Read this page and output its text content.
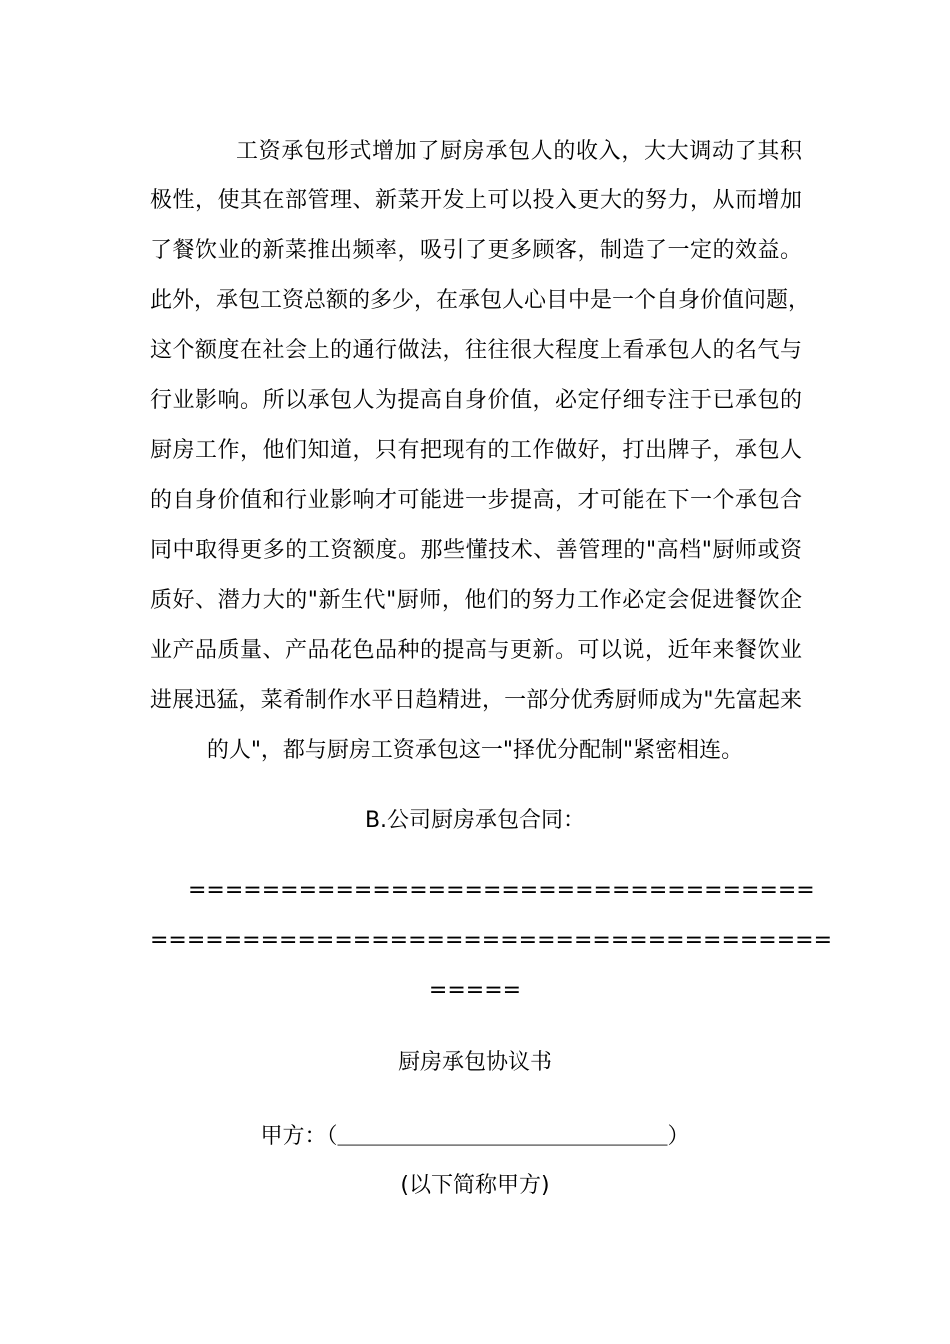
工资承包形式增加了厨房承包人的收入，大大调动了其积
极性，使其在部管理、新菜开发上可以投入更大的努力，从而增加
了餐饮业的新菜推出频率，吸引了更多顾客，制造了一定的效益。
此外，承包工资总额的多少，在承包人心目中是一个自身价值问题，
这个额度在社会上的通行做法，往往很大程度上看承包人的名气与
行业影响。所以承包人为提高自身价值，必定仔细专注于已承包的
厨房工作，他们知道，只有把现有的工作做好，打出牌子，承包人
的自身价值和行业影响才可能进一步提高，才可能在下一个承包合
同中取得更多的工资额度。那些懂技术、善管理的"高档"厨师或资
质好、潜力大的"新生代"厨师，他们的努力工作必定会促进餐饮企
业产品质量、产品花色品种的提高与更新。可以说，近年来餐饮业
进展迅猛，菜肴制作水平日趋精进，一部分优秀厨师成为"先富起来
的人"，都与厨房工资承包这一"择优分配制"紧密相连。
B.公司厨房承包合同：
==================================
=====================================
=====
厨房承包协议书
甲方：（＿＿＿＿＿＿＿＿＿＿＿＿＿＿＿）
(以下简称甲方)
